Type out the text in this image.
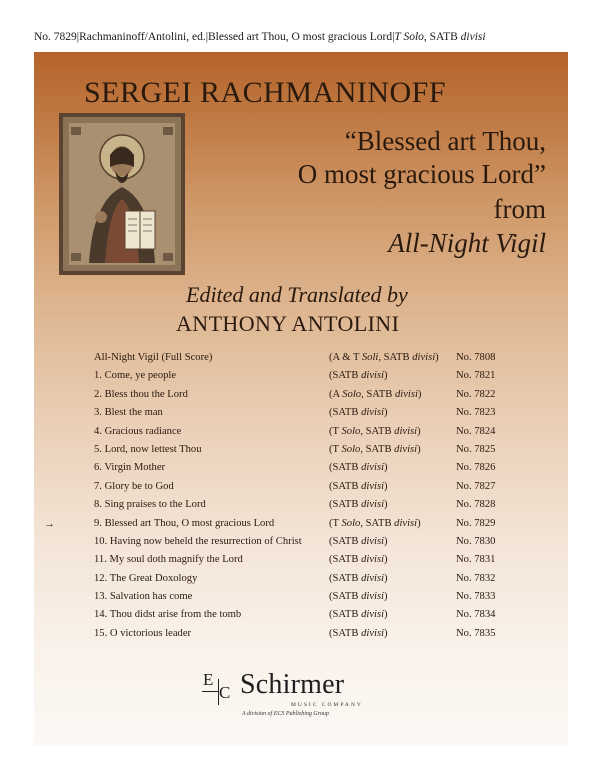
No. 7829|Rachmaninoff/Antolini, ed.|Blessed art Thou, O most gracious Lord|T Solo, SATB divisi
SERGEI RACHMANINOFF
“Blessed art Thou,
O most gracious Lord”
from
All-Night Vigil
Edited and Translated by
ANTHONY ANTOLINI
All-Night Vigil (Full Score)	(A & T Soli, SATB divisi) No. 7808
1. Come, ye people	(SATB divisi)	No. 7821
2. Bless thou the Lord	(A Solo, SATB divisi)	No. 7822
3. Blest the man	(SATB divisi)	No. 7823
4. Gracious radiance	(T Solo, SATB divisi)	No. 7824
5. Lord, now lettest Thou	(T Solo, SATB divisi)	No. 7825
6. Virgin Mother	(SATB divisi)	No. 7826
7. Glory be to God	(SATB divisi)	No. 7827
8. Sing praises to the Lord	(SATB divisi)	No. 7828
→	9. Blessed art Thou, O most gracious Lord	(T Solo, SATB divisi)	No. 7829
10. Having now beheld the resurrection of Christ	(SATB divisi)	No. 7830
11. My soul doth magnify the Lord	(SATB divisi)	No. 7831
12. The Great Doxology	(SATB divisi)	No. 7832
13. Salvation has come	(SATB divisi)	No. 7833
14. Thou didst arise from the tomb	(SATB divisi)	No. 7834
15. O victorious leader	(SATB divisi)	No. 7835
E
C Schirmer
MUSIC COMPANY
A division of ECS Publishing Group
